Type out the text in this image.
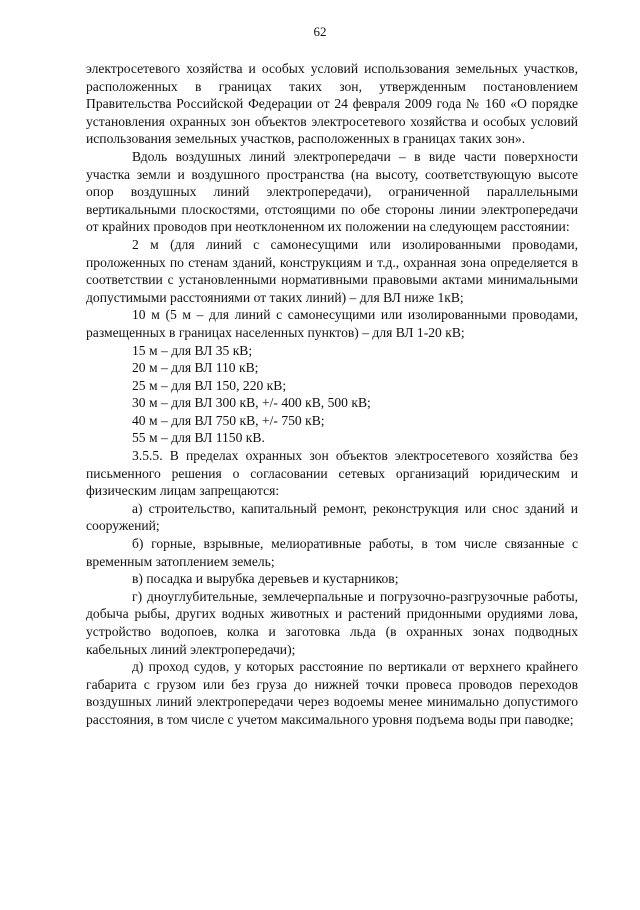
62

электросетевого хозяйства и особых условий использования земельных участков, расположенных в границах таких зон, утвержденным постановлением Правительства Российской Федерации от 24 февраля 2009 года № 160 «О порядке установления охранных зон объектов электросетевого хозяйства и особых условий использования земельных участков, расположенных в границах таких зон».

Вдоль воздушных линий электропередачи – в виде части поверхности участка земли и воздушного пространства (на высоту, соответствующую высоте опор воздушных линий электропередачи), ограниченной параллельными вертикальными плоскостями, отстоящими по обе стороны линии электропередачи от крайних проводов при неотклоненном их положении на следующем расстоянии:

2 м (для линий с самонесущими или изолированными проводами, проложенных по стенам зданий, конструкциям и т.д., охранная зона определяется в соответствии с установленными нормативными правовыми актами минимальными допустимыми расстояниями от таких линий) – для ВЛ ниже 1кВ;

10 м (5 м – для линий с самонесущими или изолированными проводами, размещенных в границах населенных пунктов) – для ВЛ 1-20 кВ;

15 м – для ВЛ 35 кВ;

20 м – для ВЛ 110 кВ;

25 м – для ВЛ 150, 220 кВ;

30 м – для ВЛ 300 кВ, +/- 400 кВ, 500 кВ;

40 м – для ВЛ 750 кВ, +/- 750 кВ;

55 м – для ВЛ 1150 кВ.

3.5.5. В пределах охранных зон объектов электросетевого хозяйства без письменного решения о согласовании сетевых организаций юридическим и физическим лицам запрещаются:

а) строительство, капитальный ремонт, реконструкция или снос зданий и сооружений;

б) горные, взрывные, мелиоративные работы, в том числе связанные с временным затоплением земель;

в) посадка и вырубка деревьев и кустарников;

г) дноуглубительные, землечерпальные и погрузочно-разгрузочные работы, добыча рыбы, других водных животных и растений придонными орудиями лова, устройство водопоев, колка и заготовка льда (в охранных зонах подводных кабельных линий электропередачи);

д) проход судов, у которых расстояние по вертикали от верхнего крайнего габарита с грузом или без груза до нижней точки провеса проводов переходов воздушных линий электропередачи через водоемы менее минимально допустимого расстояния, в том числе с учетом максимального уровня подъема воды при паводке;
